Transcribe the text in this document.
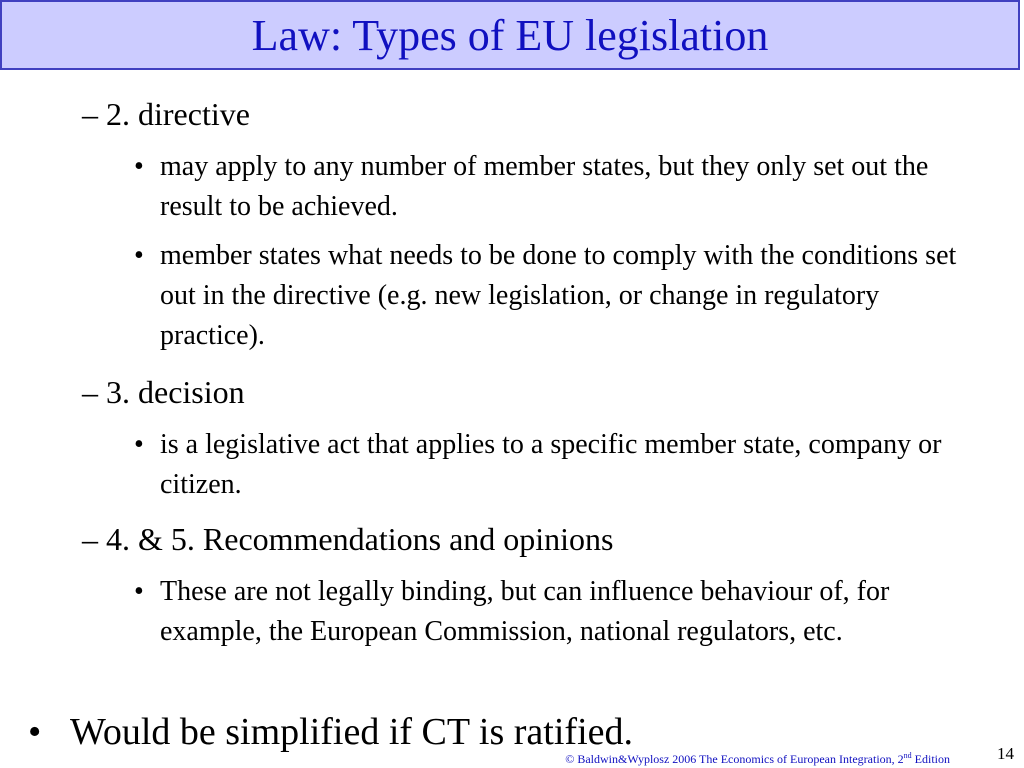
Law: Types of EU legislation
– 2. directive
• may apply to any number of member states, but they only set out the result to be achieved.
• member states what needs to be done to comply with the conditions set out in the directive (e.g. new legislation, or change in regulatory practice).
– 3. decision
• is a legislative act that applies to a specific member state, company or citizen.
– 4. & 5. Recommendations and opinions
• These are not legally binding, but can influence behaviour of, for example, the European Commission, national regulators, etc.
• Would be simplified if CT is ratified.
© Baldwin&Wyplosz 2006 The Economics of European Integration, 2nd Edition	14
